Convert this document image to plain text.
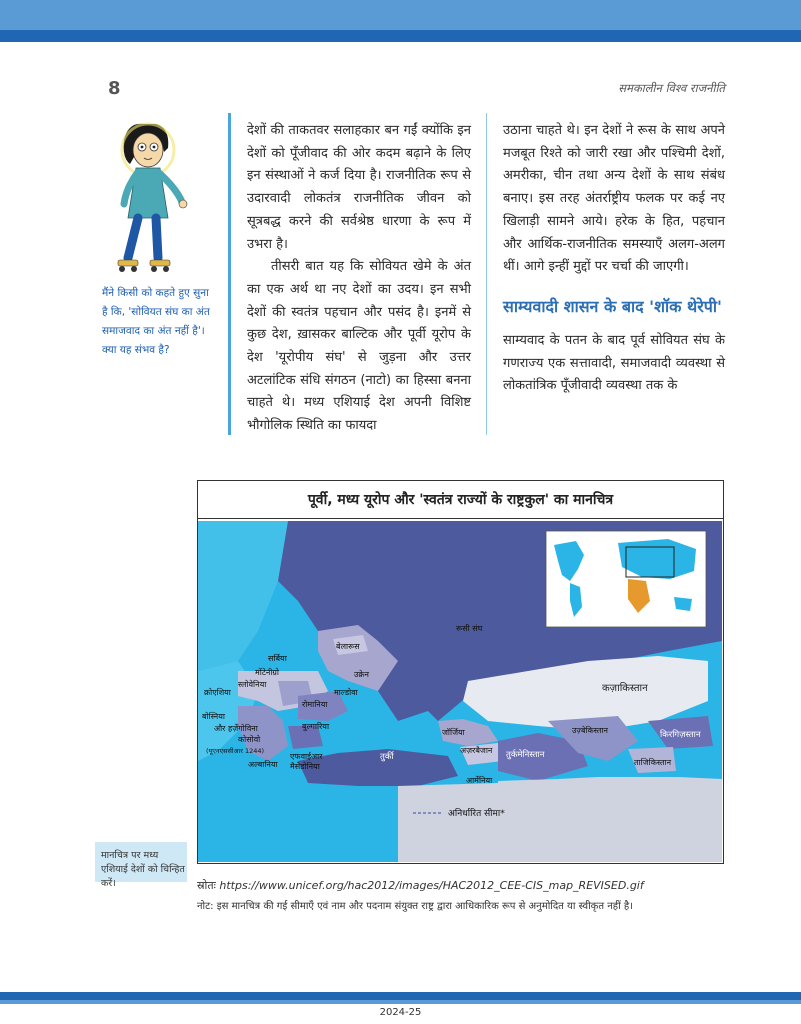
8	समकालीन विश्व राजनीति
मैंने किसी को कहते हुए सुना है कि, 'सोवियत संघ का अंत समाजवाद का अंत नहीं है'। क्या यह संभव है?

देशों की ताकतवर सलाहकार बन गईं क्योंकि इन देशों को पूँजीवाद की ओर कदम बढ़ाने के लिए इन संस्थाओं ने कर्ज दिया है। राजनीतिक रूप से उदारवादी लोकतंत्र राजनीतिक जीवन को सूत्रबद्ध करने की सर्वश्रेष्ठ धारणा के रूप में उभरा है।

तीसरी बात यह कि सोवियत खेमे के अंत का एक अर्थ था नए देशों का उदय। इन सभी देशों की स्वतंत्र पहचान और पसंद है। इनमें से कुछ देश, ख़ासकर बाल्टिक और पूर्वी यूरोप के देश 'यूरोपीय संघ' से जुड़ना और उत्तर अटलांटिक संधि संगठन (नाटो) का हिस्सा बनना चाहते थे। मध्य एशियाई देश अपनी विशिष्ट भौगोलिक स्थिति का फायदा

उठाना चाहते थे। इन देशों ने रूस के साथ अपने मजबूत रिश्ते को जारी रखा और पश्चिमी देशों, अमरीका, चीन तथा अन्य देशों के साथ संबंध बनाए। इस तरह अंतर्राष्ट्रीय फलक पर कई नए खिलाड़ी सामने आये। हरेक के हित, पहचान और आर्थिक-राजनीतिक समस्याएँ अलग-अलग थीं। आगे इन्हीं मुद्दों पर चर्चा की जाएगी।

साम्यवादी शासन के बाद 'शॉक थेरेपी'

साम्यवाद के पतन के बाद पूर्व सोवियत संघ के गणराज्य एक सत्तावादी, समाजवादी व्यवस्था से लोकतांत्रिक पूँजीवादी व्यवस्था तक के

पूर्वी, मध्य यूरोप और 'स्वतंत्र राज्यों के राष्ट्रकुल' का मानचित्र
रूसी संघ
बेलारूस
सर्बिया
मोंटेनीग्रो
स्लोवेनिया
उक्रेन
क्रोएशिया	माल्डोवा
रोमानिया
बोस्निया
और हर्ज़ेगोविना
कोसोवो
(यूएनएससीआर 1244)
बुल्गारिया
अल्बानिया
एफवाईआर
मैसेडोनिया
तुर्की
जॉर्जिया
अज़रबैजान
आर्मेनिया
तुर्कमेनिस्तान
उज़्बेकिस्तान
कज़ाकिस्तान
किरगिज़स्तान
ताजिकिस्तान
अनिर्धारित सीमा*
मानचित्र पर मध्य एशियाई देशों को चिन्हित करें।	स्रोतः https://www.unicef.org/hac2012/images/HAC2012_CEE-CIS_map_REVISED.gif
नोट: इस मानचित्र की गई सीमाएँ एवं नाम और पदनाम संयुक्त राष्ट्र द्वारा आधिकारिक रूप से अनुमोदित या स्वीकृत नहीं है।
2024-25
